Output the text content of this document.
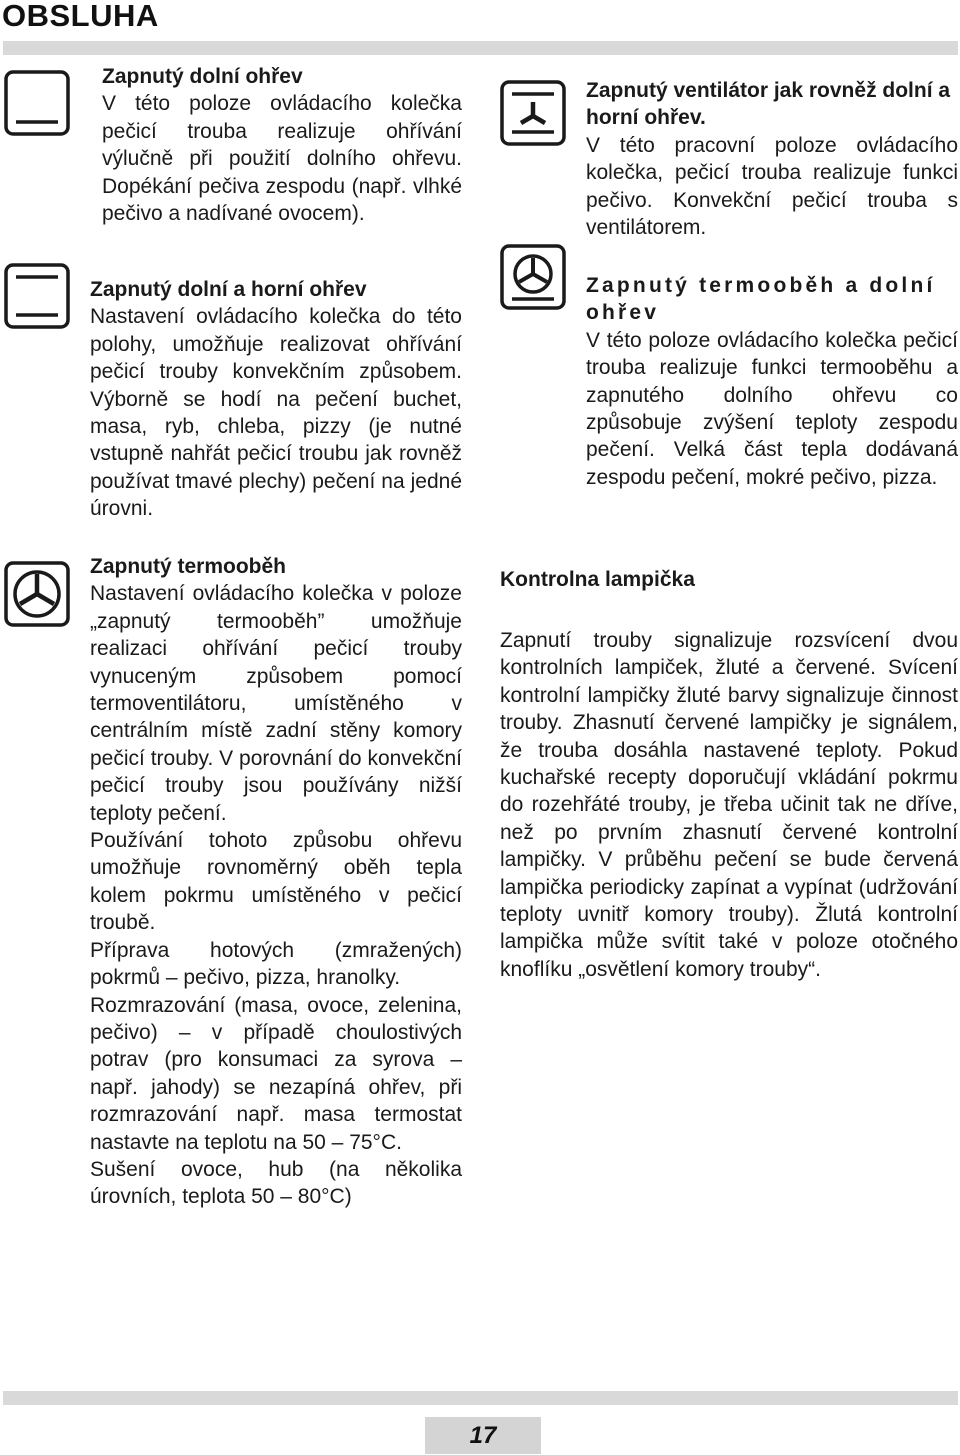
OBSLUHA
Zapnutý dolní ohřev

V této poloze ovládacího kolečka pečicí trouba realizuje ohřívání výlučně při použití dolního ohřevu. Dopékání pečiva zespodu (např. vlhké pečivo a nadívané ovocem).

Zapnutý dolní a horní ohřev

Nastavení ovládacího kolečka do této polohy, umožňuje realizovat ohřívání pečicí trouby konvekčním způsobem. Výborně se hodí na pečení buchet, masa, ryb, chleba, pizzy (je nutné vstupně nahřát pečicí troubu jak rovněž používat tmavé plechy) pečení na jedné úrovni.

Zapnutý termooběh

Nastavení ovládacího kolečka v poloze „zapnutý termooběh” umožňuje realizaci ohřívání pečicí trouby vynuceným způsobem pomocí termoventilátoru, umístěného v centrálním místě zadní stěny komory pečicí trouby. V porovnání do konvekční pečicí trouby jsou používány nižší teploty pečení.

Používání tohoto způsobu ohřevu umožňuje rovnoměrný oběh tepla kolem pokrmu umístěného v pečicí troubě.

Příprava hotových (zmražených) pokrmů – pečivo, pizza, hranolky.

Rozmrazování (masa, ovoce, zelenina, pečivo) – v případě choulostivých potrav (pro konsumaci za syrova – např. jahody) se nezapíná ohřev, při rozmrazování např. masa termostat nastavte na teplotu na 50 – 75°C.

Sušení ovoce, hub (na několika úrovních, teplota 50 – 80°C)

Zapnutý ventilátor jak rovněž dolní a horní ohřev.

V této pracovní poloze ovládacího kolečka, pečicí trouba realizuje funkci pečivo. Konvekční pečicí trouba s ventilátorem.

Zapnutý termooběh a dolní ohřev

V této poloze ovládacího kolečka pečicí trouba realizuje funkci termooběhu a zapnutého dolního ohřevu co způsobuje zvýšení teploty zespodu pečení. Velká část tepla dodávaná zespodu pečení, mokré pečivo, pizza.

Kontrolna lampička

Zapnutí trouby signalizuje rozsvícení dvou kontrolních lampiček, žluté a červené. Svícení kontrolní lampičky žluté barvy signalizuje činnost trouby. Zhasnutí červené lampičky je signálem, že trouba dosáhla nastavené teploty. Pokud kuchařské recepty doporučují vkládání pokrmu do rozehřáté trouby, je třeba učinit tak ne dříve, než po prvním zhasnutí červené kontrolní lampičky. V průběhu pečení se bude červená lampička periodicky zapínat a vypínat (udržování teploty uvnitř komory trouby). Žlutá kontrolní lampička může svítit také v poloze otočného knoflíku „osvětlení komory trouby“.

17
